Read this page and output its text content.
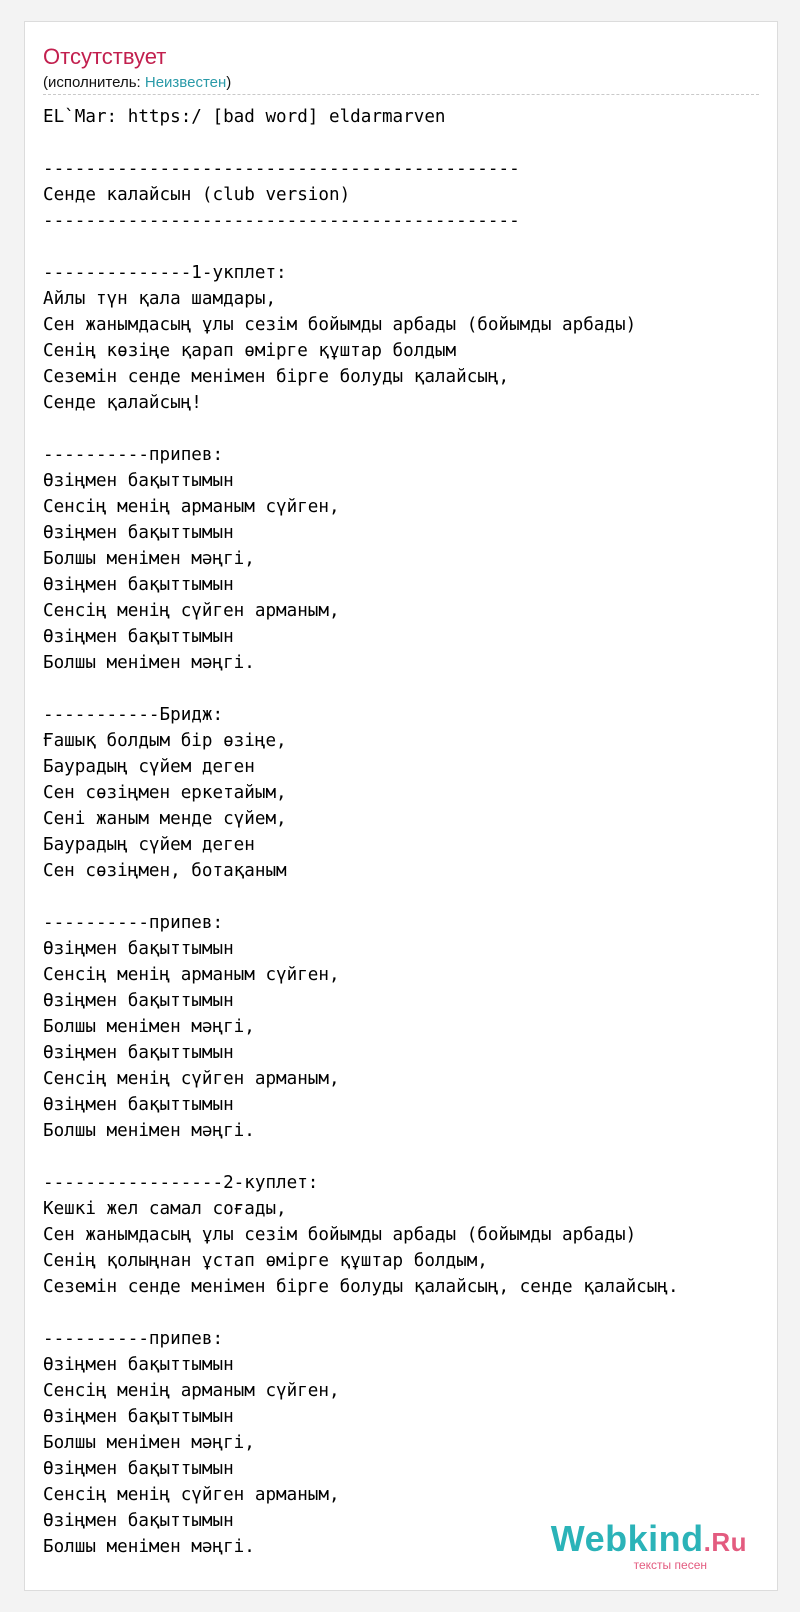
Отсутствует
(исполнитель: Неизвестен)
EL`Mar: https:/ [bad word] eldarmarven

---------------------------------------------
Сенде калайсын (club version)
---------------------------------------------

--------------1-укплет:
Айлы түн қала шамдары,
Сен жанымдасың ұлы сезім бойымды арбады (бойымды арбады)
Сенің көзіңе қарап өмірге құштар болдым
Сеземін сенде менімен бірге болуды қалайсың,
Сенде қалайсың!

----------припев:
Өзіңмен бақыттымын
Сенсің менің арманым сүйген,
Өзіңмен бақыттымын
Болшы менімен мәңгі,
Өзіңмен бақыттымын
Сенсің менің сүйген арманым,
Өзіңмен бақыттымын
Болшы менімен мәңгі.

-----------Бридж:
Ғашық болдым бір өзіңе,
Баурадың сүйем деген
Сен сөзіңмен еркетайым,
Сені жаным менде сүйем,
Баурадың сүйем деген
Сен сөзіңмен, ботақаным

----------припев:
Өзіңмен бақыттымын
Сенсің менің арманым сүйген,
Өзіңмен бақыттымын
Болшы менімен мәңгі,
Өзіңмен бақыттымын
Сенсің менің сүйген арманым,
Өзіңмен бақыттымын
Болшы менімен мәңгі.

-----------------2-куплет:
Кешкі жел самал соғады,
Сен жанымдасың ұлы сезім бойымды арбады (бойымды арбады)
Сенің қолыңнан ұстап өмірге құштар болдым,
Сеземін сенде менімен бірге болуды қалайсың, сенде қалайсың.

----------припев:
Өзіңмен бақыттымын
Сенсің менің арманым сүйген,
Өзіңмен бақыттымын
Болшы менімен мәңгі,
Өзіңмен бақыттымын
Сенсің менің сүйген арманым,
Өзіңмен бақыттымын
Болшы менімен мәңгі.	Webkind.Ru
тексты песен
